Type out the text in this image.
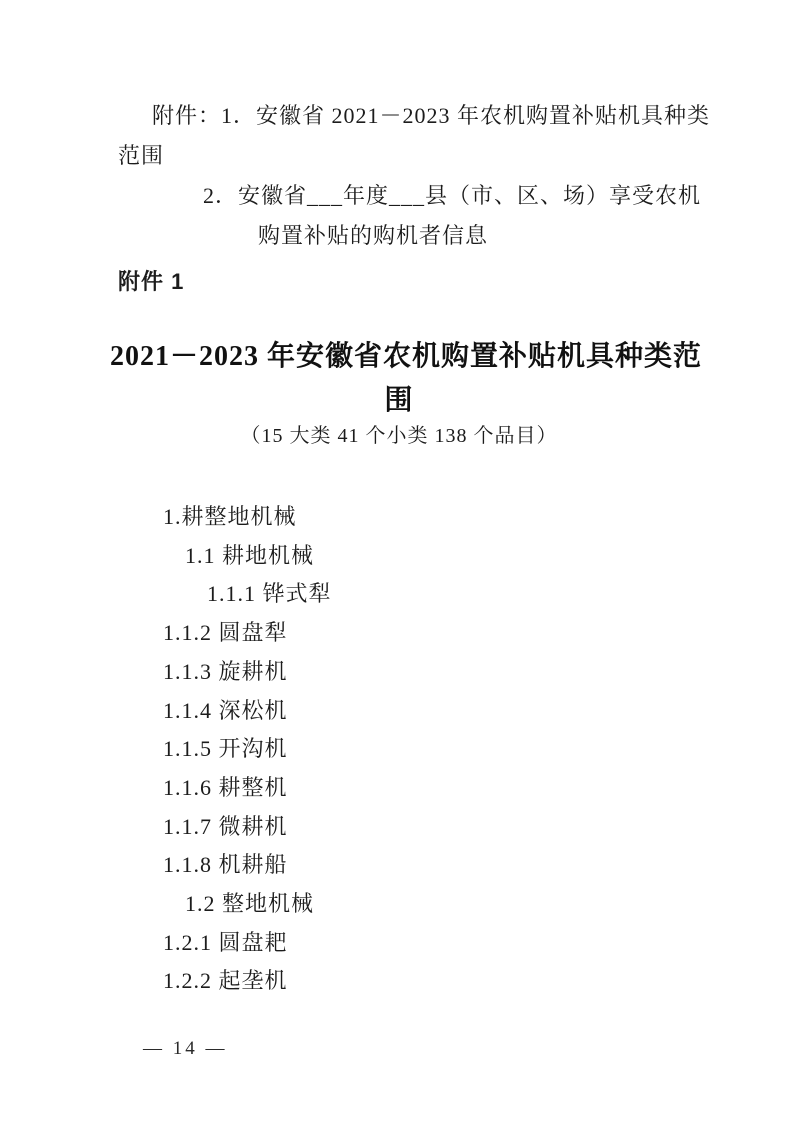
附件：1．安徽省 2021－2023 年农机购置补贴机具种类
范围
2．安徽省___年度___县（市、区、场）享受农机
购置补贴的购机者信息
附件 1
2021－2023 年安徽省农机购置补贴机具种类范
围
（15 大类 41 个小类 138 个品目）
1.耕整地机械
1.1 耕地机械
1.1.1 铧式犁
1.1.2 圆盘犁
1.1.3 旋耕机
1.1.4 深松机
1.1.5 开沟机
1.1.6 耕整机
1.1.7 微耕机
1.1.8 机耕船
1.2 整地机械
1.2.1 圆盘耙
1.2.2 起垄机
— 14 —
